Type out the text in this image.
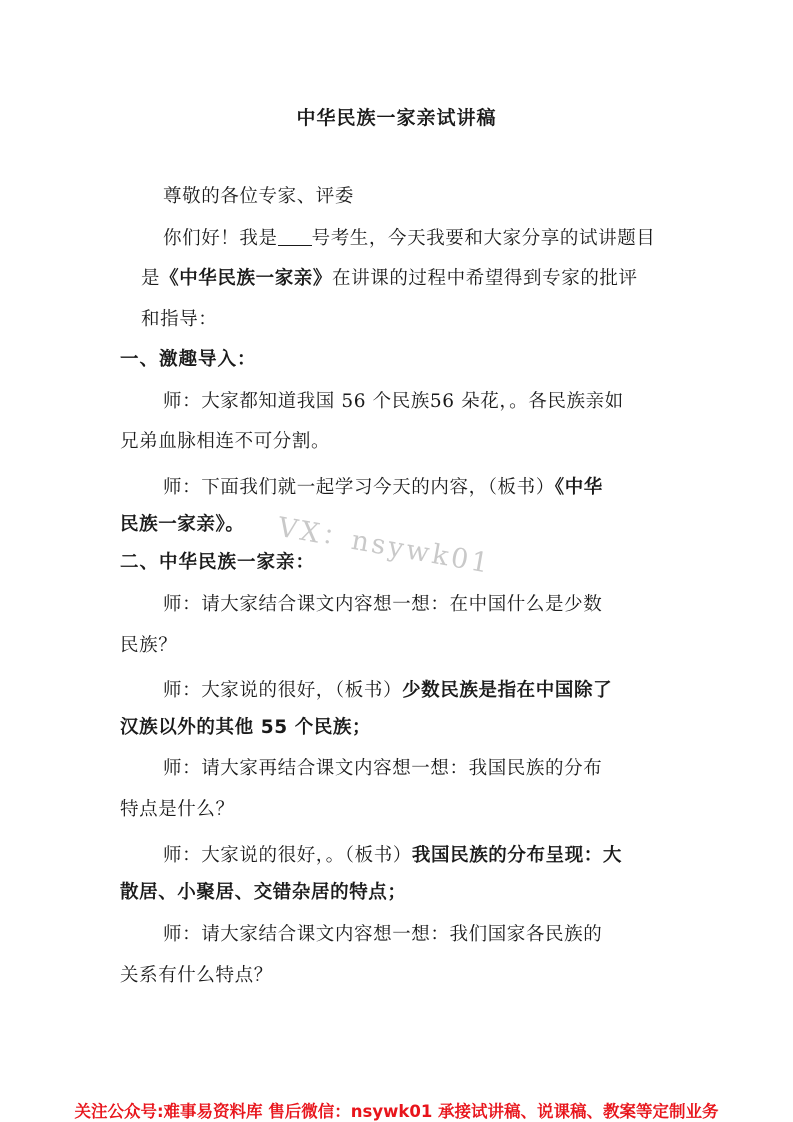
中华民族一家亲试讲稿
尊敬的各位专家、评委
你们好！我是 号考生，今天我要和大家分享的试讲题目
是《中华民族一家亲》在讲课的过程中希望得到专家的批评
和指导：
一、激趣导入：
师：大家都知道我国 56 个民族56 朵花，。各民族亲如
兄弟血脉相连不可分割。
师：下面我们就一起学习今天的内容，（板书）《中华
民族一家亲》。
二、中华民族一家亲：
师：请大家结合课文内容想一想：在中国什么是少数
民族？
师：大家说的很好，（板书）少数民族是指在中国除了
汉族以外的其他 55 个民族；
师：请大家再结合课文内容想一想：我国民族的分布
特点是什么？
师：大家说的很好，。（板书）我国民族的分布呈现：大
散居、小聚居、交错杂居的特点；
师：请大家结合课文内容想一想：我们国家各民族的
关系有什么特点？
VX：nsywk01
关注公众号:难事易资料库 售后微信：nsywk01 承接试讲稿、说课稿、教案等定制业务
